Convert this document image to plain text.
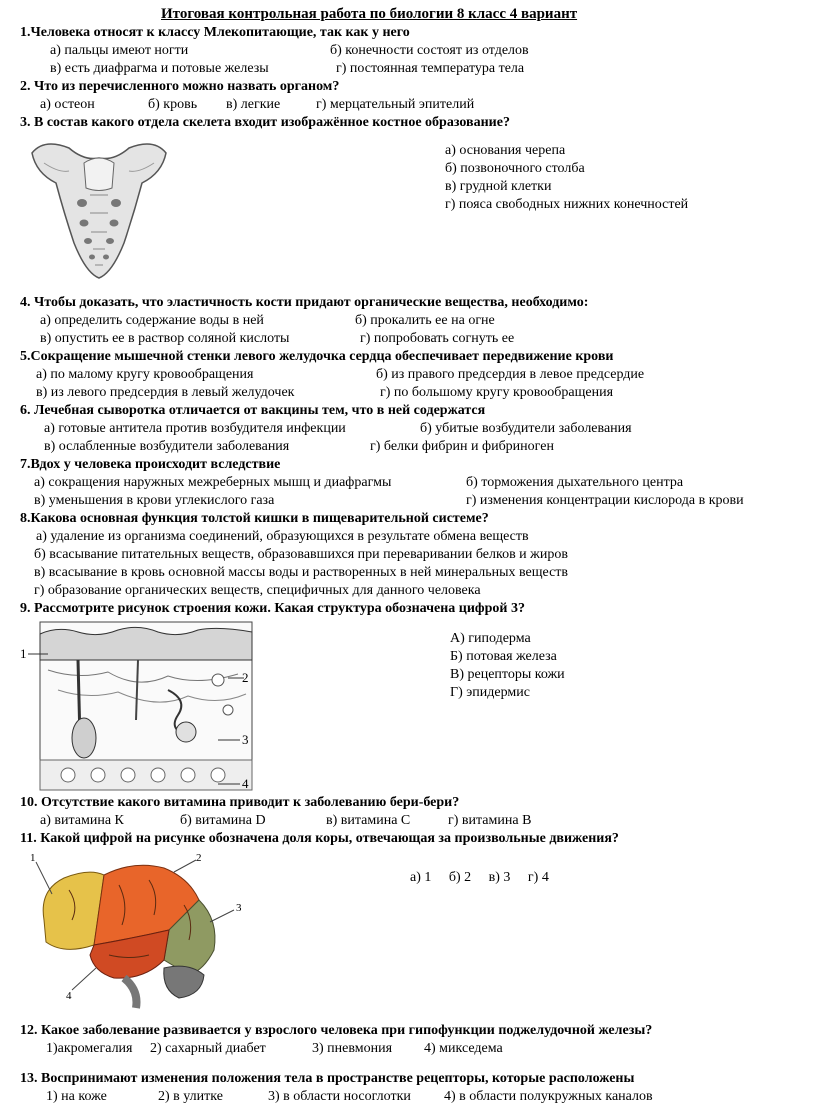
Итоговая контрольная работа по биологии 8 класс 4 вариант
1.Человека относят к классу Млекопитающие, так как у него
а) пальцы имеют ногти	б) конечности состоят из отделов
в) есть диафрагма и потовые железы	г) постоянная температура тела
2. Что из перечисленного можно назвать органом?
а) остеон	б) кровь в) легкие	г) мерцательный эпителий
3. В состав какого отдела скелета входит изображённое костное образование?
а) основания черепа
б) позвоночного столба
в) грудной клетки
г) пояса свободных нижних конечностей
4. Чтобы доказать, что эластичность кости придают органические вещества, необходимо:
а) определить содержание воды в ней	б) прокалить ее на огне
в) опустить ее в раствор соляной кислоты	г) попробовать согнуть ее
5.Сокращение мышечной стенки левого желудочка сердца обеспечивает передвижение крови
а) по малому кругу кровообращения	б) из правого предсердия в левое предсердие
в) из левого предсердия в левый желудочек	г) по большому кругу кровообращения
6. Лечебная сыворотка отличается от вакцины тем, что в ней содержатся
а) готовые антитела против возбудителя инфекции	б) убитые возбудители заболевания
в) ослабленные возбудители заболевания	г) белки фибрин и фибриноген
7.Вдох у человека происходит вследствие
а) сокращения наружных межреберных мышц и диафрагмы	б) торможения дыхательного центра
в) уменьшения в крови углекислого газа	г) изменения концентрации кислорода в крови
8.Какова основная функция толстой кишки в пищеварительной системе?
а) удаление из организма соединений, образующихся в результате обмена веществ
б) всасывание питательных веществ, образовавшихся при переваривании белков и жиров
в) всасывание в кровь основной массы воды и растворенных в ней минеральных веществ
г) образование органических веществ, специфичных для данного человека
9. Рассмотрите рисунок строения кожи. Какая структура обозначена цифрой 3?
1
2
3
4
А) гиподерма
Б) потовая железа
В) рецепторы кожи
Г) эпидермис
10. Отсутствие какого витамина приводит к заболеванию бери-бери?
а) витамина К	б) витамина D	в) витамина С	г) витамина В
11. Какой цифрой на рисунке обозначена доля коры, отвечающая за произвольные движения?
1	2
3
4
а) 1     б) 2     в) 3     г) 4
12. Какое заболевание развивается у взрослого человека при гипофункции поджелудочной железы?
1)акромегалия 2) сахарный диабет	3) пневмония 4) микседема
13. Воспринимают изменения положения тела в пространстве рецепторы, которые расположены
1) на коже	2) в улитке	3) в области носоглотки 4) в области полукружных каналов
